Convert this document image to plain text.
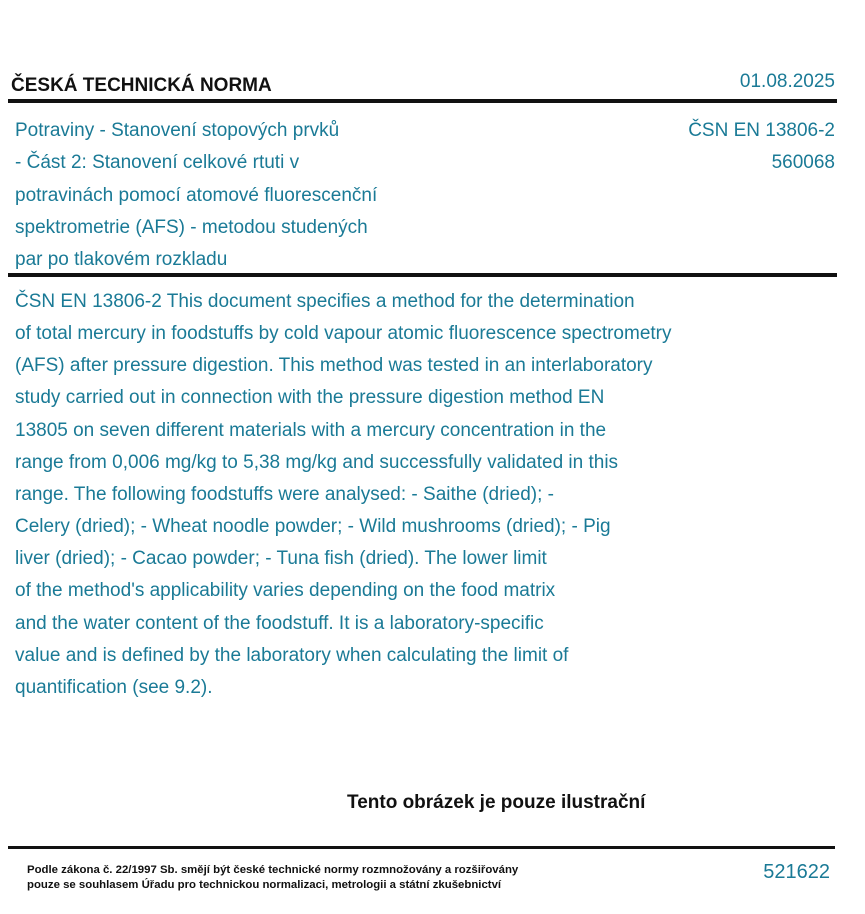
ČESKÁ TECHNICKÁ NORMA	01.08.2025
Potraviny - Stanovení stopových prvků
- Část 2: Stanovení celkové rtuti v
potravinách pomocí atomové fluorescenční
spektrometrie (AFS) - metodou studených
par po tlakovém rozkladu
ČSN EN 13806-2
560068
ČSN EN 13806-2 This document specifies a method for the determination
of total mercury in foodstuffs by cold vapour atomic fluorescence spectrometry
(AFS) after pressure digestion. This method was tested in an interlaboratory
study carried out in connection with the pressure digestion method EN
13805 on seven different materials with a mercury concentration in the
range from 0,006 mg/kg to 5,38 mg/kg and successfully validated in this
range. The following foodstuffs were analysed: - Saithe (dried); -
Celery (dried); - Wheat noodle powder; - Wild mushrooms (dried); - Pig
liver (dried); - Cacao powder; - Tuna fish (dried). The lower limit
of the method's applicability varies depending on the food matrix
and the water content of the foodstuff. It is a laboratory-specific
value and is defined by the laboratory when calculating the limit of
quantification (see 9.2).
Tento obrázek je pouze ilustrační
Podle zákona č. 22/1997 Sb. smějí být české technické normy rozmnožovány a rozšiřovány
pouze se souhlasem Úřadu pro technickou normalizaci, metrologii a státní zkušebnictví
521622
